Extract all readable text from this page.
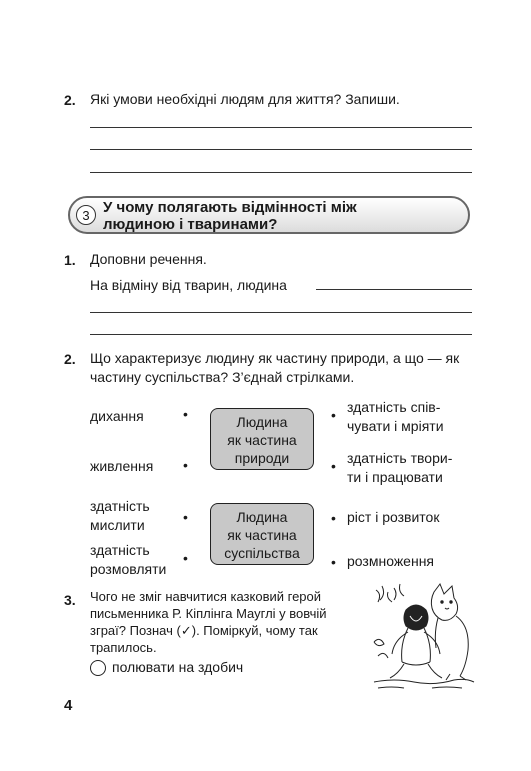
2. Які умови необхідні людям для життя? Запиши.
3 У чому полягають відмінності між
людиною і тваринами?
1. Доповни речення.
На відміну від тварин, людина
2. Що характеризує людину як частину природи, а що — як
частину суспільства? З’єднай стрілками.
дихання
живлення
здатність
мислити
здатність
розмовляти
•
•
•
•
Людина
як частина
природи
Людина
як частина
суспільства
•
•
•
•
здатність спів-
чувати і мріяти
здатність твори-
ти і працювати
ріст і розвиток
розмноження
3. Чого не зміг навчитися казковий герой
письменника Р. Кіплінга Мауглі у вовчій
зграї? Познач (✓). Поміркуй, чому так
трапилось.
полювати на здобич
4
